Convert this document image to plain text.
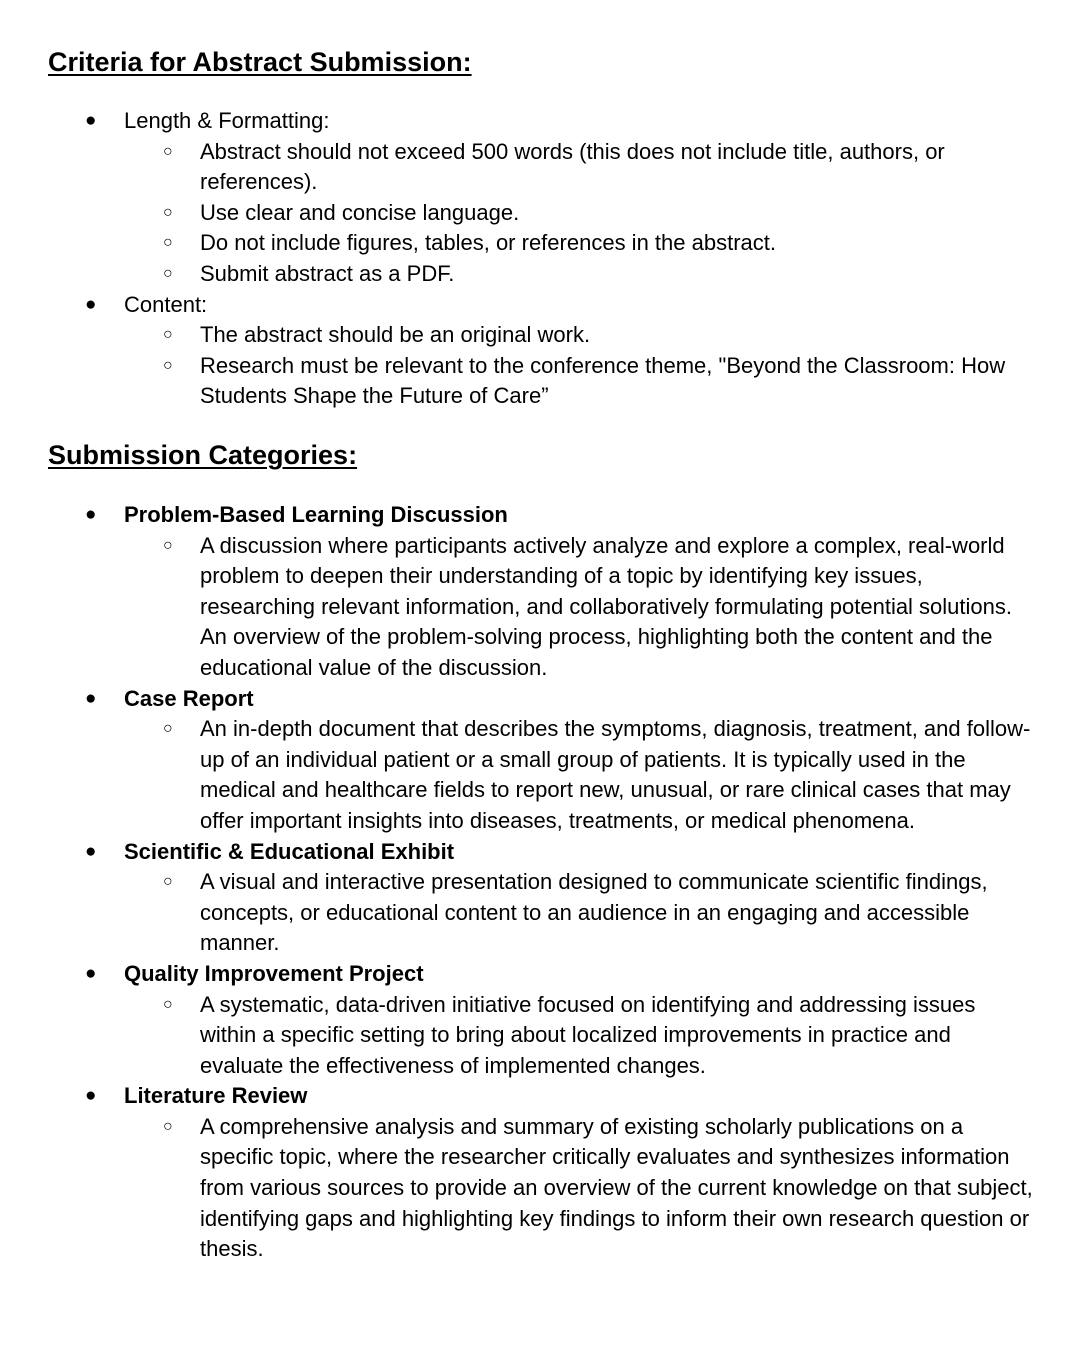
Criteria for Abstract Submission:
●	Length & Formatting:
○ Abstract should not exceed 500 words (this does not include title, authors, or references).
○ Use clear and concise language.
○ Do not include figures, tables, or references in the abstract.
○ Submit abstract as a PDF.
●	Content:
○ The abstract should be an original work.
○ Research must be relevant to the conference theme, "Beyond the Classroom: How Students Shape the Future of Care”
Submission Categories:
●	Problem-Based Learning Discussion
○ A discussion where participants actively analyze and explore a complex, real-world problem to deepen their understanding of a topic by identifying key issues, researching relevant information, and collaboratively formulating potential solutions. An overview of the problem-solving process, highlighting both the content and the educational value of the discussion.
●	Case Report
○ An in-depth document that describes the symptoms, diagnosis, treatment, and follow-up of an individual patient or a small group of patients. It is typically used in the medical and healthcare fields to report new, unusual, or rare clinical cases that may offer important insights into diseases, treatments, or medical phenomena.
●	Scientific & Educational Exhibit
○ A visual and interactive presentation designed to communicate scientific findings, concepts, or educational content to an audience in an engaging and accessible manner.
●	Quality Improvement Project
○ A systematic, data-driven initiative focused on identifying and addressing issues within a specific setting to bring about localized improvements in practice and evaluate the effectiveness of implemented changes.
●	Literature Review
○ A comprehensive analysis and summary of existing scholarly publications on a specific topic, where the researcher critically evaluates and synthesizes information from various sources to provide an overview of the current knowledge on that subject, identifying gaps and highlighting key findings to inform their own research question or thesis.
